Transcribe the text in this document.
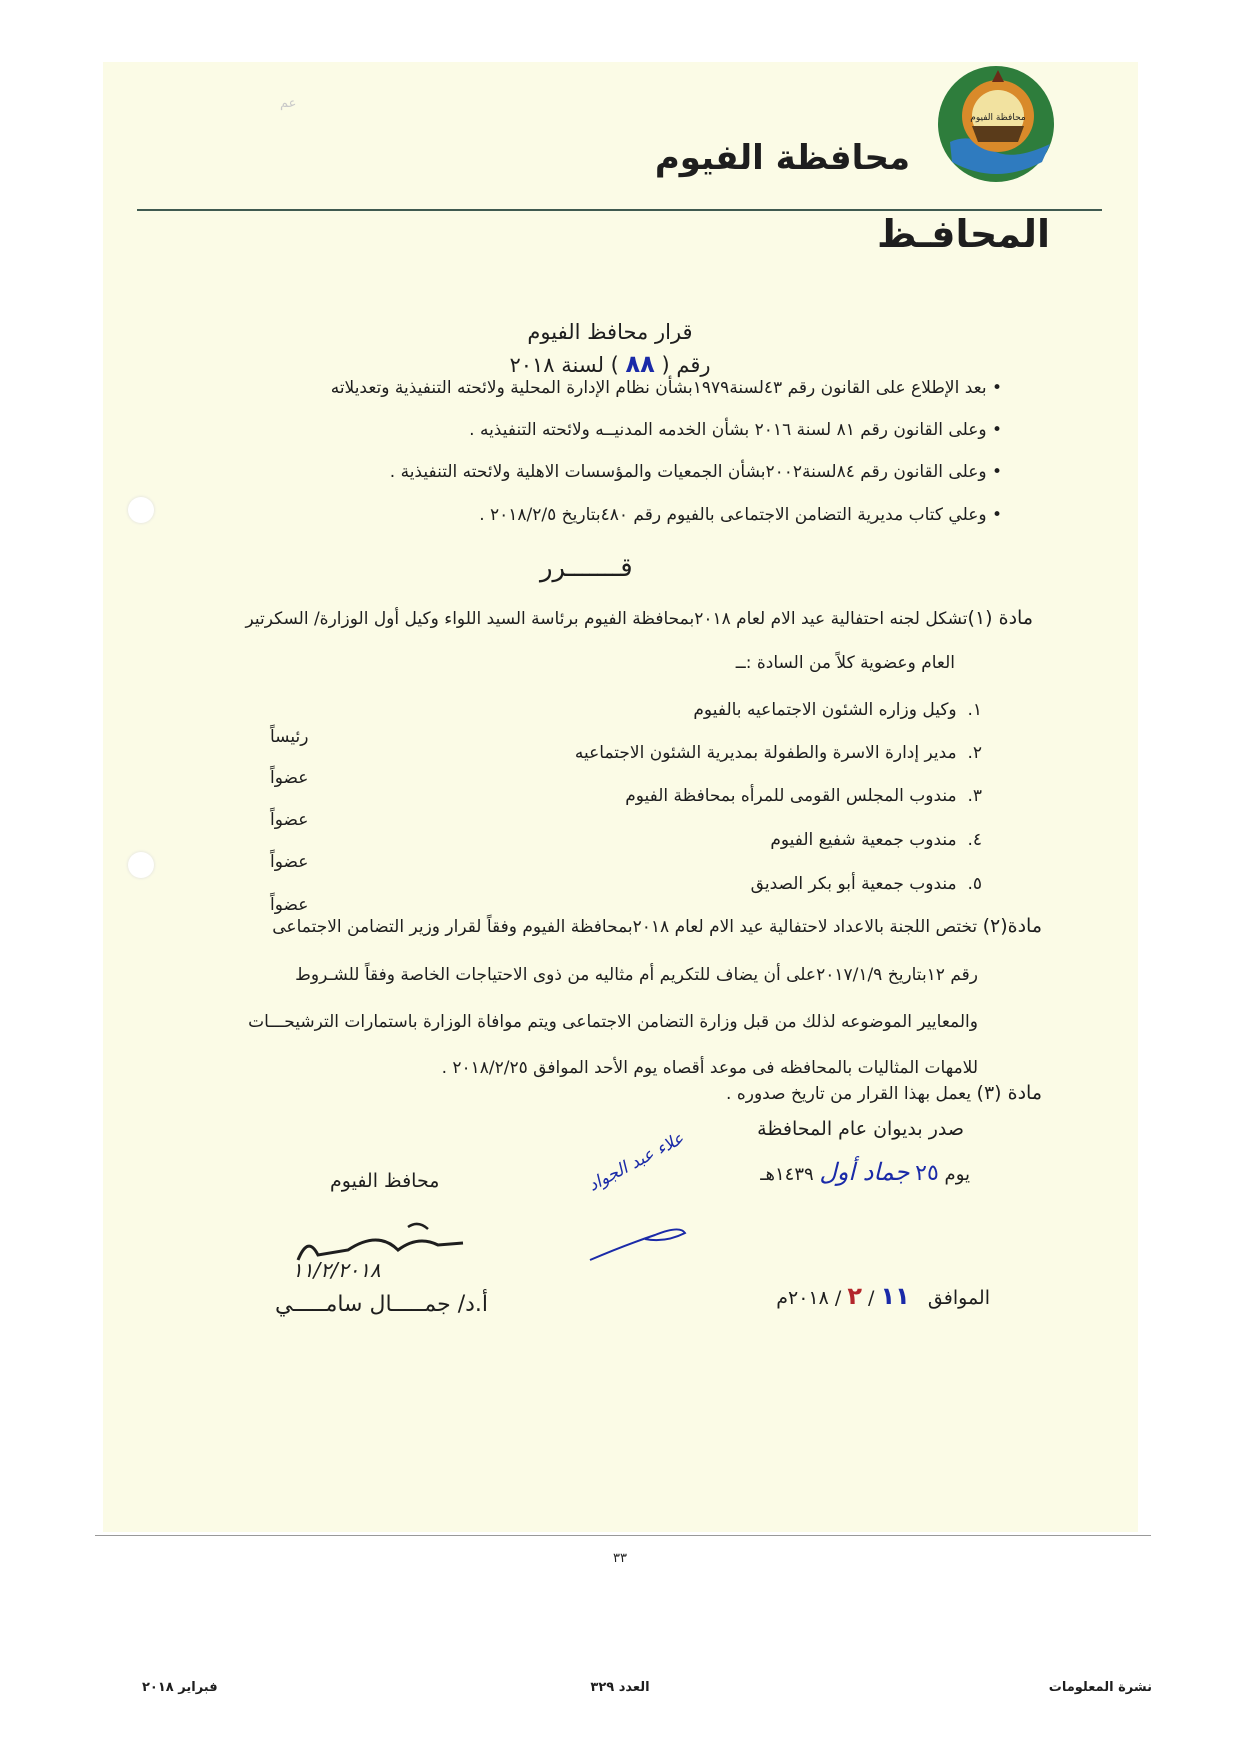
عم
محافظة الفيوم
محافظة الفيوم
المحافـظ
قرار محافظ الفيوم
رقم ( ٨٨ ) لسنة ٢٠١٨
• بعد الإطلاع على القانون رقم ٤٣لسنة١٩٧٩بشأن نظام الإدارة المحلية ولائحته التنفيذية وتعديلاته
• وعلى القانون رقم ٨١ لسنة ٢٠١٦ بشأن الخدمه المدنيــه ولائحته التنفيذيه .
• وعلى القانون رقم ٨٤لسنة٢٠٠٢بشأن الجمعيات والمؤسسات الاهلية ولائحته التنفيذية .
• وعلي كتاب مديرية التضامن الاجتماعى بالفيوم رقم ٤٨٠بتاريخ ٢٠١٨/٢/٥ .
قـــــــرر
مادة (١)تشكل لجنه احتفالية عيد الام لعام ٢٠١٨بمحافظة الفيوم برئاسة السيد اللواء وكيل أول الوزارة/ السكرتير
العام وعضوية كلاً من السادة :ــ
١.  وكيل وزاره الشئون الاجتماعيه بالفيوم
رئيساً
٢.  مدير إدارة الاسرة والطفولة بمديرية الشئون الاجتماعيه
عضواً
٣.  مندوب المجلس القومى للمرأه بمحافظة الفيوم
عضواً
٤.  مندوب جمعية شفيع الفيوم
عضواً
٥.  مندوب جمعية أبو بكر الصديق
عضواً
مادة(٢) تختص اللجنة بالاعداد لاحتفالية عيد الام لعام ٢٠١٨بمحافظة الفيوم وفقاً لقرار وزير التضامن الاجتماعى
رقم ١٢بتاريخ ٢٠١٧/١/٩على أن يضاف للتكريم أم مثاليه من ذوى الاحتياجات الخاصة وفقاً للشـروط
والمعايير الموضوعه لذلك من قبل وزارة التضامن الاجتماعى ويتم موافاة الوزارة باستمارات الترشيحـــات
للامهات المثاليات بالمحافظه فى موعد أقصاه يوم الأحد الموافق ٢٠١٨/٢/٢٥ .
مادة (٣) يعمل بهذا القرار من تاريخ صدوره .
صدر بديوان عام المحافظة
يوم ٢٥ جماد أول ١٤٣٩هـ
الموافق   ١١ / ٢ / ٢٠١٨م
محافظ الفيوم
١١/٢/٢٠١٨
أ.د/ جمـــــال سامـــــي
علاء عبد الجواد
٣٣
نشرة المعلومات
العدد ٣٢٩
فبراير ٢٠١٨
